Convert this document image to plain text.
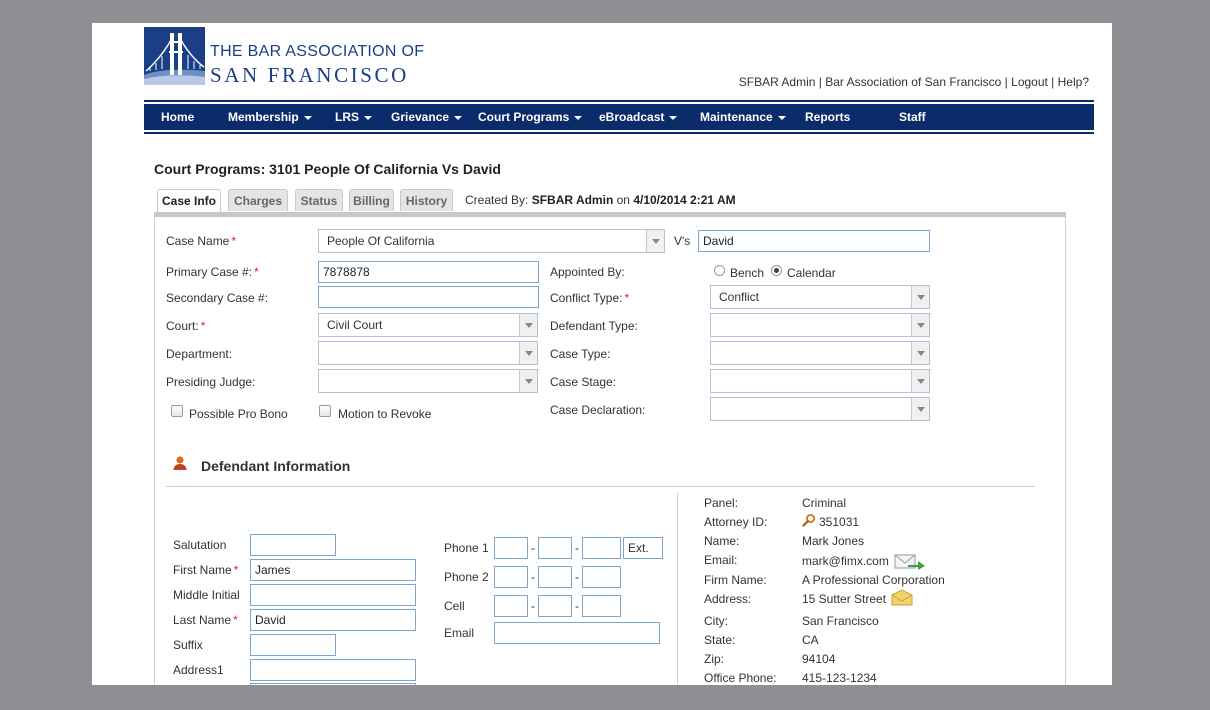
THE BAR ASSOCIATION OF
SAN FRANCISCO	SFBAR Admin | Bar Association of San Francisco | Logout | Help?
Home	Membership	LRS	Grievance	Court Programs	eBroadcast	Maintenance	Reports	Staff
Court Programs: 3101 People Of California Vs David
Case Info	Charges	Status	Billing	History	Created By: SFBAR Admin on 4/10/2014 2:21 AM
Case Name *	People Of California	V's	David
Primary Case #: *	7878878	Appointed By:	Bench Calendar
Secondary Case #:	Conflict Type: *	Conflict
Court: *	Civil Court	Defendant Type:
Department:	Case Type:
Presiding Judge:	Case Stage:
Possible Pro Bono	Motion to Revoke	Case Declaration:
Defendant Information
Salutation
First Name *	James
Middle Initial
Last Name *	David
Suffix
Address1
Phone 1	-	-	Ext.
Phone 2	-	-
Cell	-	-
Email
Panel:	Criminal
Attorney ID:	351031
Name:	Mark Jones
Email:	mark@fimx.com
Firm Name:	A Professional Corporation
Address:	15 Sutter Street
City:	San Francisco
State:	CA
Zip:	94104
Office Phone: 415-123-1234
